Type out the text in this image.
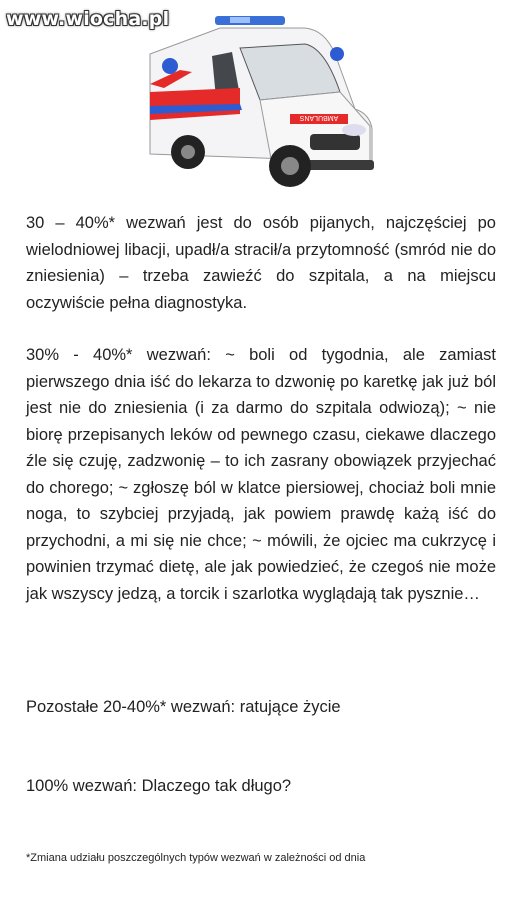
www.wiocha.pl
AMBULANS
30 – 40%* wezwań jest do osób pijanych, najczęściej po wielodniowej libacji, upadł/a stracił/a przytomność (smród nie do zniesienia) – trzeba zawieźć do szpitala, a na miejscu oczywiście pełna diagnostyka.
30% - 40%* wezwań: ~ boli od tygodnia, ale zamiast pierwszego dnia iść do lekarza to dzwonię po karetkę jak już ból jest nie do zniesienia (i za darmo do szpitala odwiozą); ~ nie biorę przepisanych leków od pewnego czasu, ciekawe dlaczego źle się czuję, zadzwonię – to ich zasrany obowiązek przyjechać do chorego; ~ zgłoszę ból w klatce piersiowej, chociaż boli mnie noga, to szybciej przyjadą, jak powiem prawdę każą iść do przychodni, a mi się nie chce; ~ mówili, że ojciec ma cukrzycę i powinien trzymać dietę, ale jak powiedzieć, że czegoś nie może jak wszyscy jedzą, a torcik i szarlotka wyglądają tak pysznie…
Pozostałe 20-40%* wezwań: ratujące życie
100% wezwań: Dlaczego tak długo?
*Zmiana udziału poszczególnych typów wezwań w zależności od dnia
